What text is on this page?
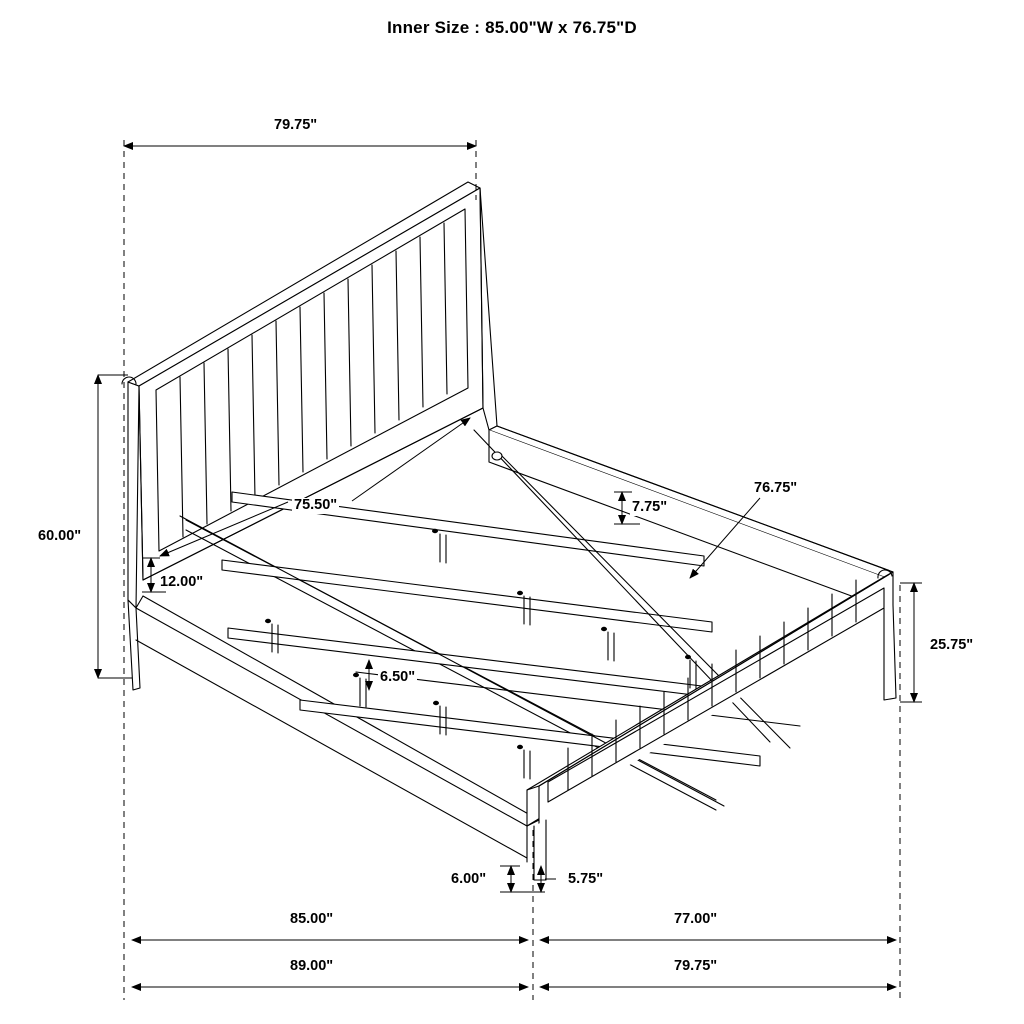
Inner Size : 85.00"W x 76.75"D
79.75"
60.00"
75.50"
12.00"
6.50"
7.75"
76.75"
25.75"
6.00"	5.75"
85.00"	77.00"
89.00"	79.75"
